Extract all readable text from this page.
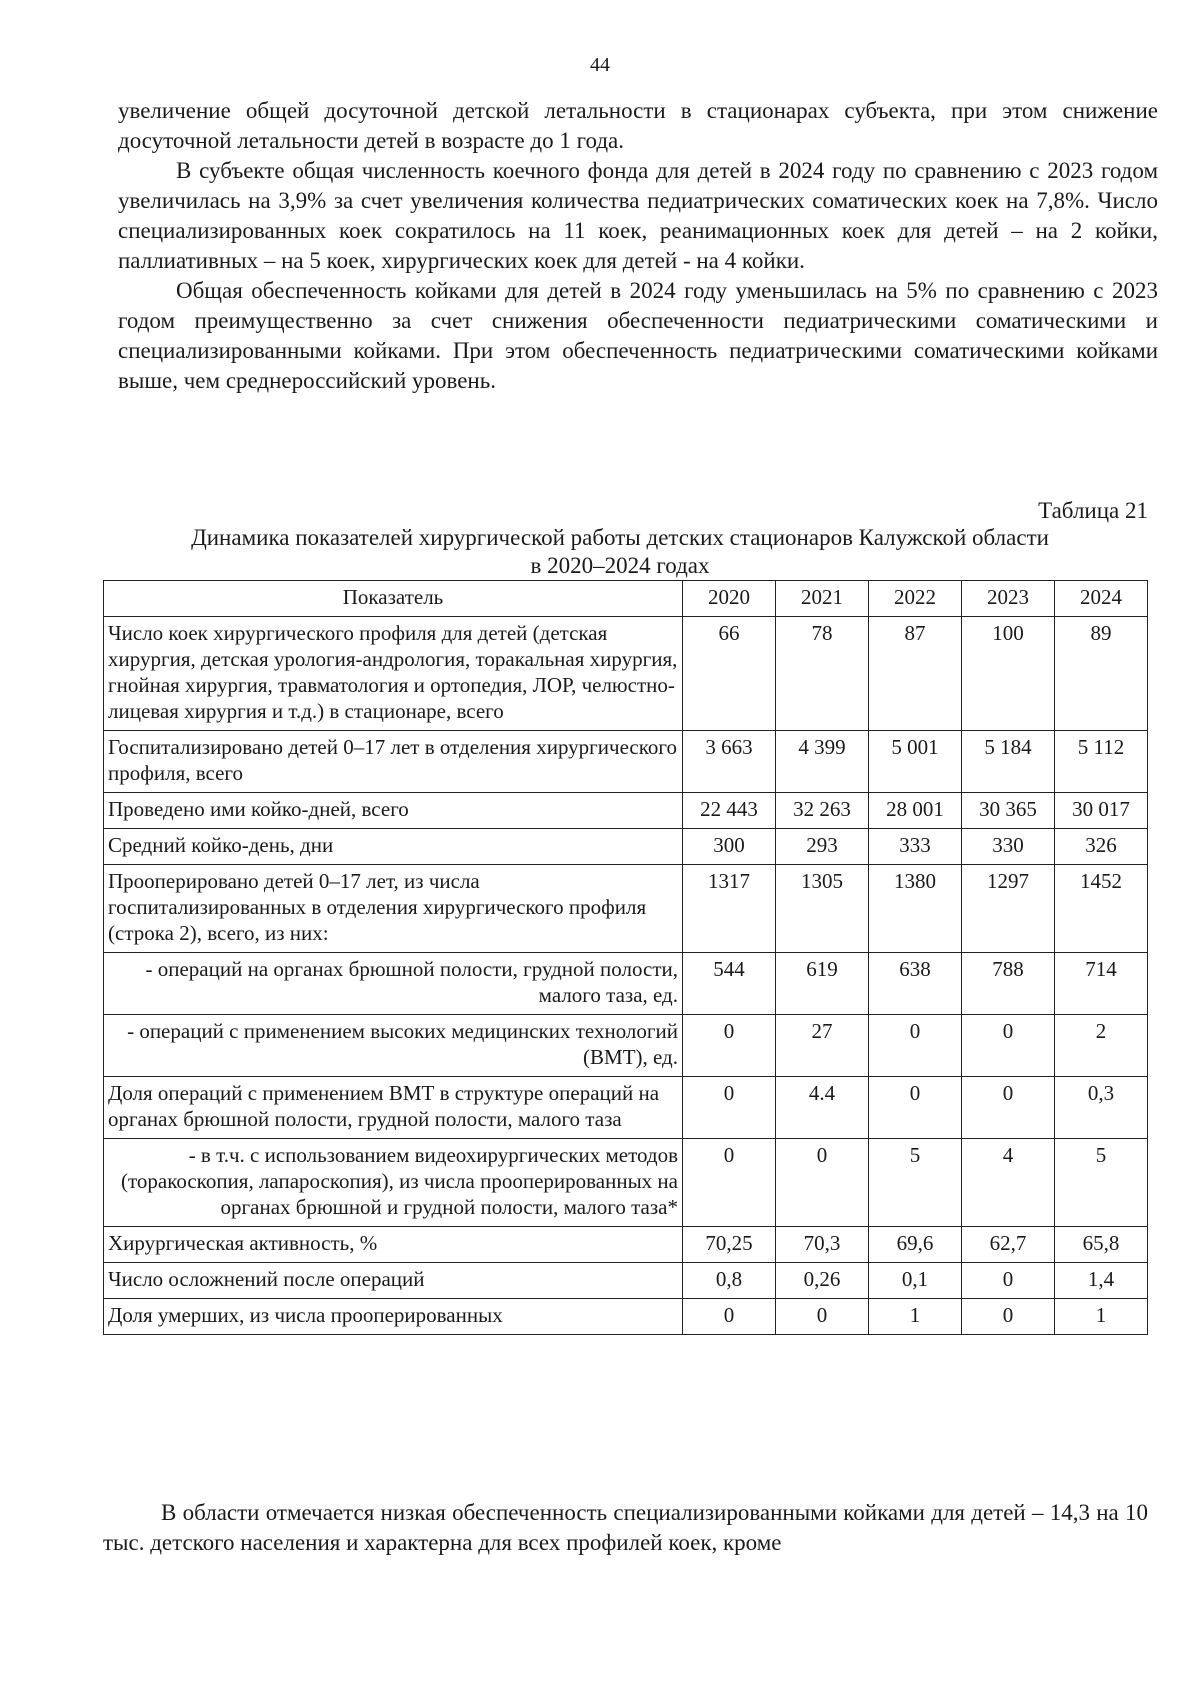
44

увеличение общей досуточной детской летальности в стационарах субъекта, при этом снижение досуточной летальности детей в возрасте до 1 года.

В субъекте общая численность коечного фонда для детей в 2024 году по сравнению с 2023 годом увеличилась на 3,9% за счет увеличения количества педиатрических соматических коек на 7,8%. Число специализированных коек сократилось на 11 коек, реанимационных коек для детей – на 2 койки, паллиативных – на 5 коек, хирургических коек для детей - на 4 койки.

Общая обеспеченность койками для детей в 2024 году уменьшилась на 5% по сравнению с 2023 годом преимущественно за счет снижения обеспеченности педиатрическими соматическими и специализированными койками. При этом обеспеченность педиатрическими соматическими койками выше, чем среднероссийский уровень.

Таблица 21
Динамика показателей хирургической работы детских стационаров Калужской области
в 2020–2024 годах
Показатель	2020	2021	2022	2023	2024
Число коек хирургического профиля для детей (детская хирургия, детская урология-андрология, торакальная хирургия, гнойная хирургия, травматология и ортопедия, ЛОР, челюстно-лицевая хирургия и т.д.) в стационаре, всего	66	78	87	100	89
Госпитализировано детей 0–17 лет в отделения хирургического профиля, всего	3 663	4 399	5 001	5 184	5 112
Проведено ими койко-дней, всего	22 443	32 263	28 001	30 365	30 017
Средний койко-день, дни	300	293	333	330	326
Прооперировано детей 0–17 лет, из числа госпитализированных в отделения хирургического профиля (строка 2), всего, из них:	1317	1305	1380	1297	1452
- операций на органах брюшной полости, грудной полости, малого таза, ед.	544	619	638	788	714
- операций с применением высоких медицинских технологий (ВМТ), ед.	0	27	0	0	2
Доля операций с применением ВМТ в структуре операций на органах брюшной полости, грудной полости, малого таза	0	4.4	0	0	0,3
- в т.ч. с использованием видеохирургических методов (торакоскопия, лапароскопия), из числа прооперированных на органах брюшной и грудной полости, малого таза*	0	0	5	4	5
Хирургическая активность, %	70,25	70,3	69,6	62,7	65,8
Число осложнений после операций	0,8	0,26	0,1	0	1,4
Доля умерших, из числа прооперированных	0	0	1	0	1

В области отмечается низкая обеспеченность специализированными койками для детей – 14,3 на 10 тыс. детского населения и характерна для всех профилей коек, кроме
